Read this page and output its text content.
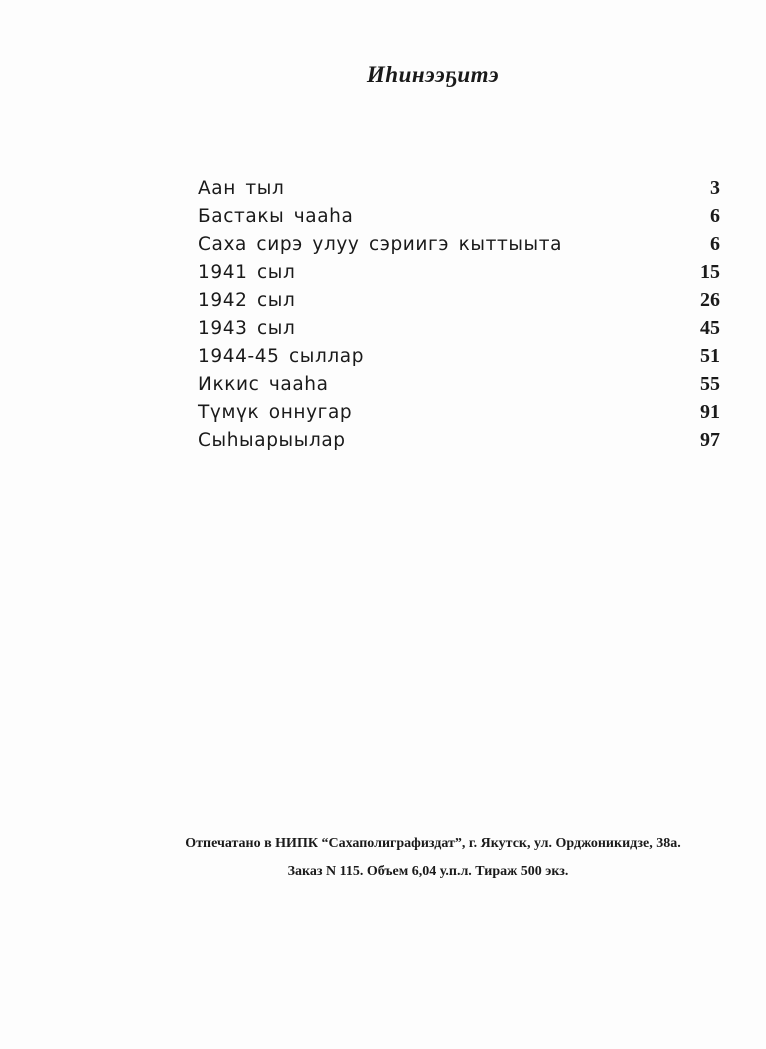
Иhинээҕитэ
Аан тыл	3
Бастакы чааhа	6
Саха сирэ улуу сэриигэ кыттыыта	6
1941 сыл	15
1942 сыл	26
1943 сыл	45
1944-45 сыллар	51
Иккис чааhа	55
Түмүк оннугар	91
Сыhыарыылар	97
Отпечатано в НИПК “Сахаполиграфиздат”, г. Якутск, ул. Орджоникидзе, 38а.
Заказ N 115. Объем 6,04 у.п.л. Тираж 500 экз.
